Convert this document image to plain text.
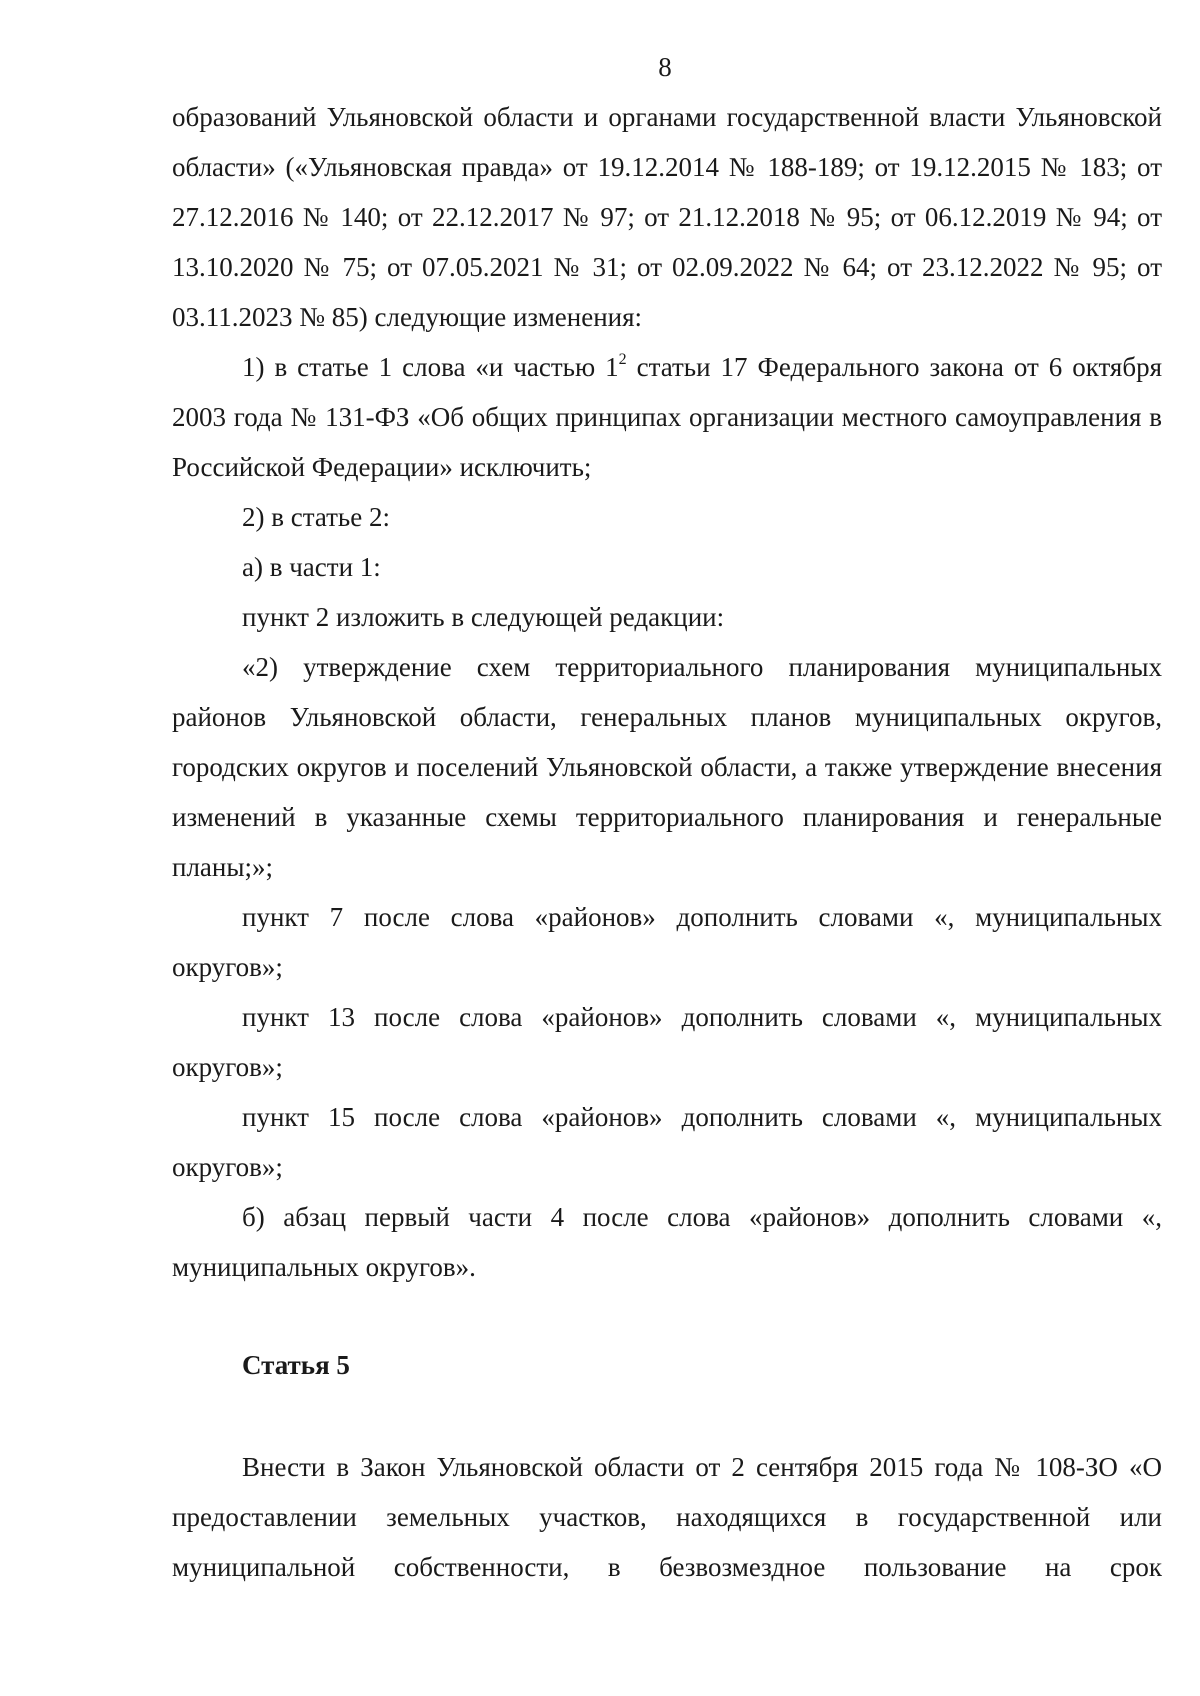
8

образований Ульяновской области и органами государственной власти Ульяновской области» («Ульяновская правда» от 19.12.2014 № 188-189; от 19.12.2015 № 183; от 27.12.2016 № 140; от 22.12.2017 № 97; от 21.12.2018 № 95; от 06.12.2019 № 94; от 13.10.2020 № 75; от 07.05.2021 № 31; от 02.09.2022 № 64; от 23.12.2022 № 95; от 03.11.2023 № 85) следующие изменения:

1) в статье 1 слова «и частью $1^2$ статьи 17 Федерального закона от 6 октября 2003 года № 131-ФЗ «Об общих принципах организации местного самоуправления в Российской Федерации» исключить;

2) в статье 2:

а) в части 1:

пункт 2 изложить в следующей редакции:

«2) утверждение схем территориального планирования муниципальных районов Ульяновской области, генеральных планов муниципальных округов, городских округов и поселений Ульяновской области, а также утверждение внесения изменений в указанные схемы территориального планирования и генеральные планы;»;

пункт 7 после слова «районов» дополнить словами «, муниципальных округов»;

пункт 13 после слова «районов» дополнить словами «, муниципальных округов»;

пункт 15 после слова «районов» дополнить словами «, муниципальных округов»;

б) абзац первый части 4 после слова «районов» дополнить словами «, муниципальных округов».

Статья 5

Внести в Закон Ульяновской области от 2 сентября 2015 года № 108-ЗО «О предоставлении земельных участков, находящихся в государственной или муниципальной собственности, в безвозмездное пользование на срок
